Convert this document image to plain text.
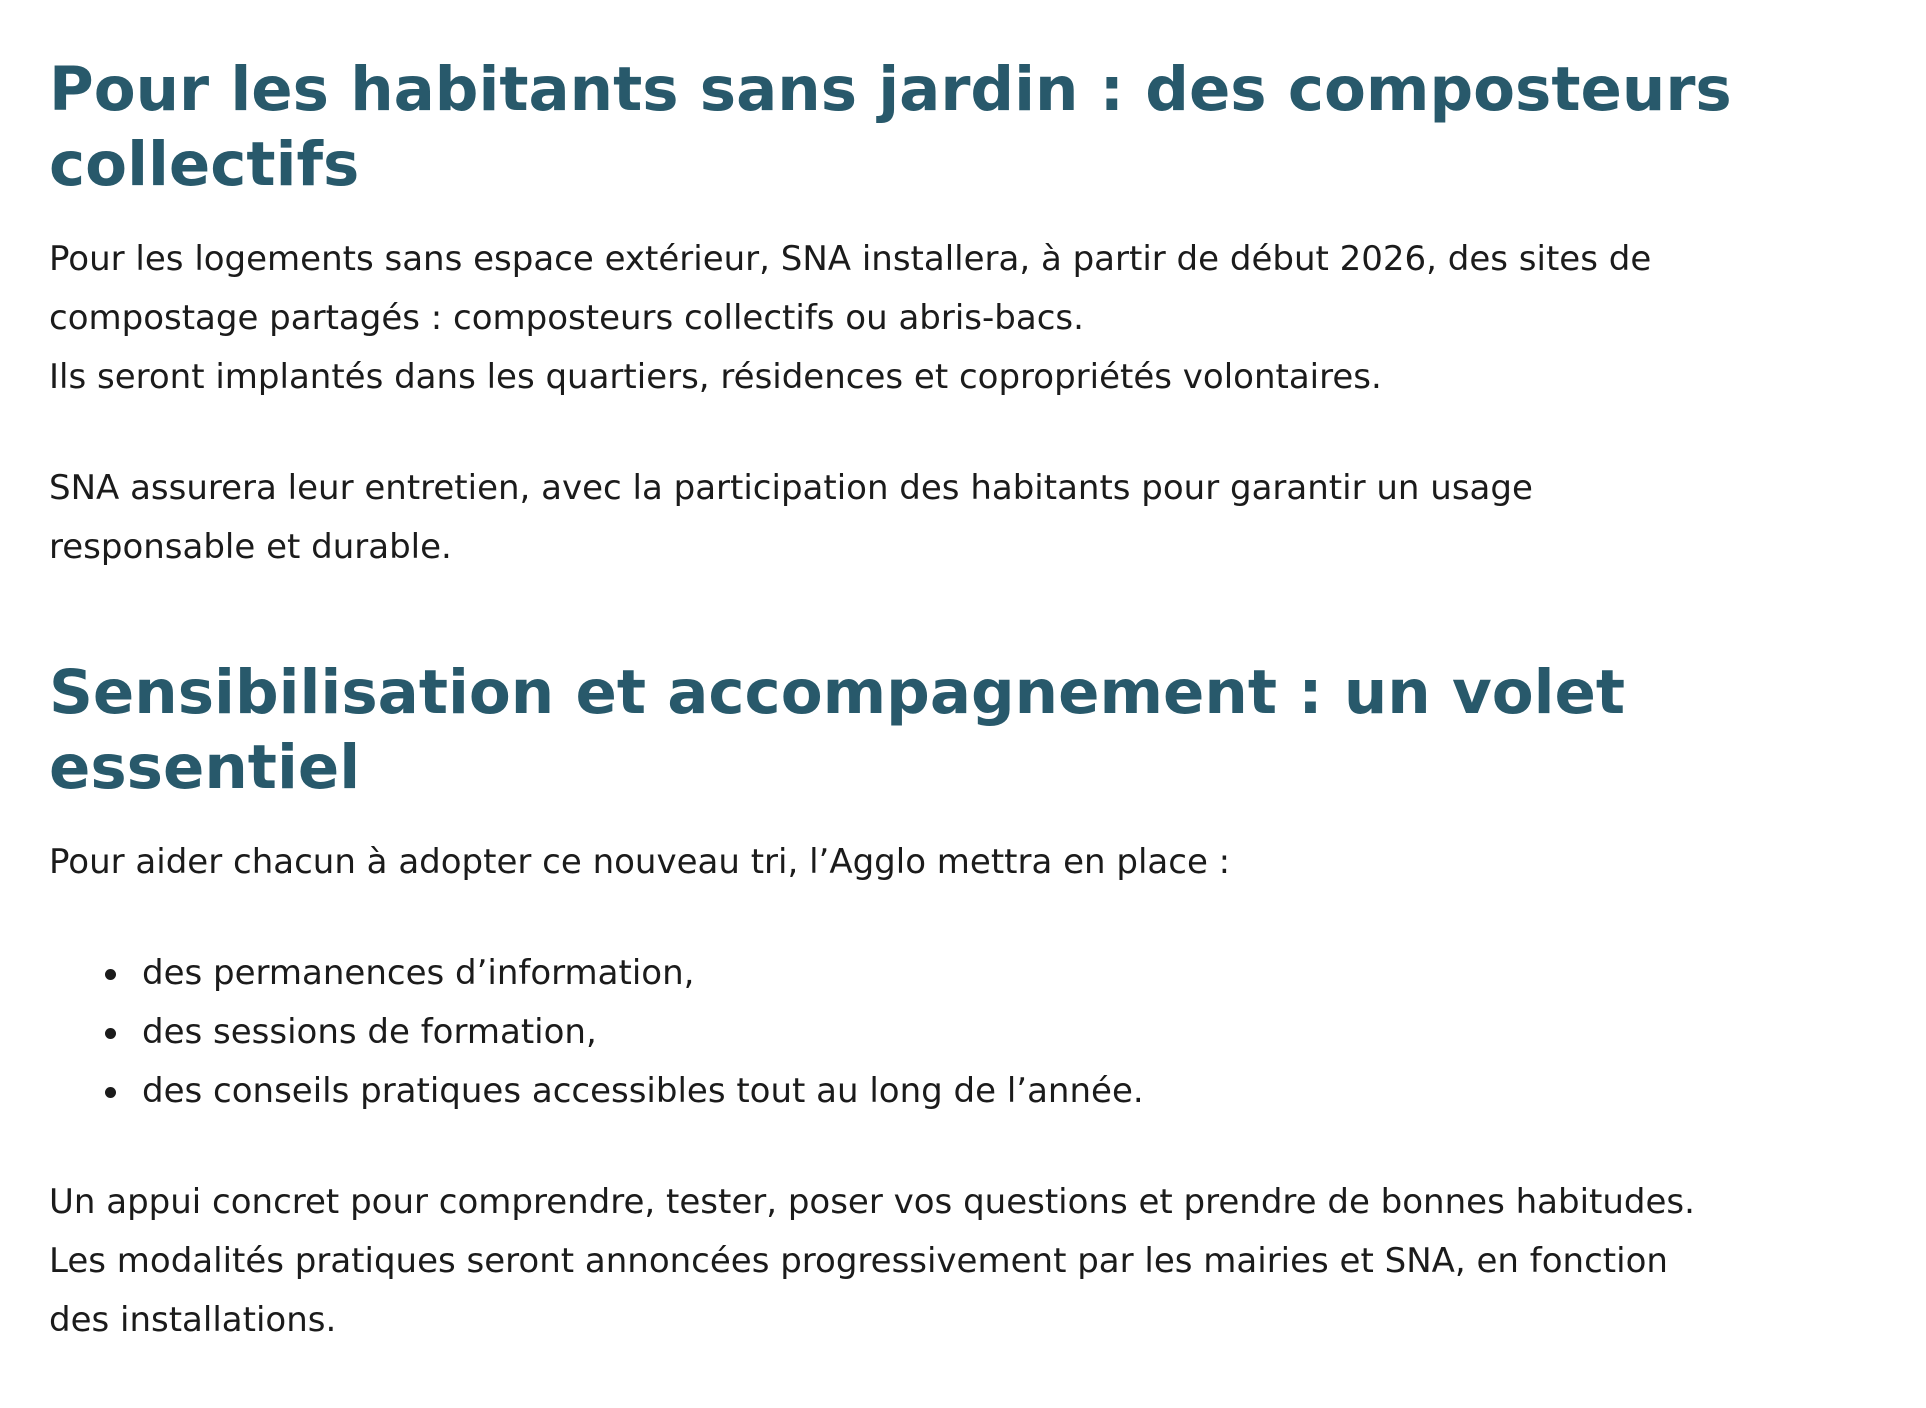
Pour les habitants sans jardin : des composteurs
collectifs

Pour les logements sans espace extérieur, SNA installera, à partir de début 2026, des sites de
compostage partagés : composteurs collectifs ou abris-bacs.
Ils seront implantés dans les quartiers, résidences et copropriétés volontaires.

SNA assurera leur entretien, avec la participation des habitants pour garantir un usage
responsable et durable.

Sensibilisation et accompagnement : un volet
essentiel

Pour aider chacun à adopter ce nouveau tri, l’Agglo mettra en place :

des permanences d’information,
des sessions de formation,
des conseils pratiques accessibles tout au long de l’année.

Un appui concret pour comprendre, tester, poser vos questions et prendre de bonnes habitudes.
Les modalités pratiques seront annoncées progressivement par les mairies et SNA, en fonction
des installations.
